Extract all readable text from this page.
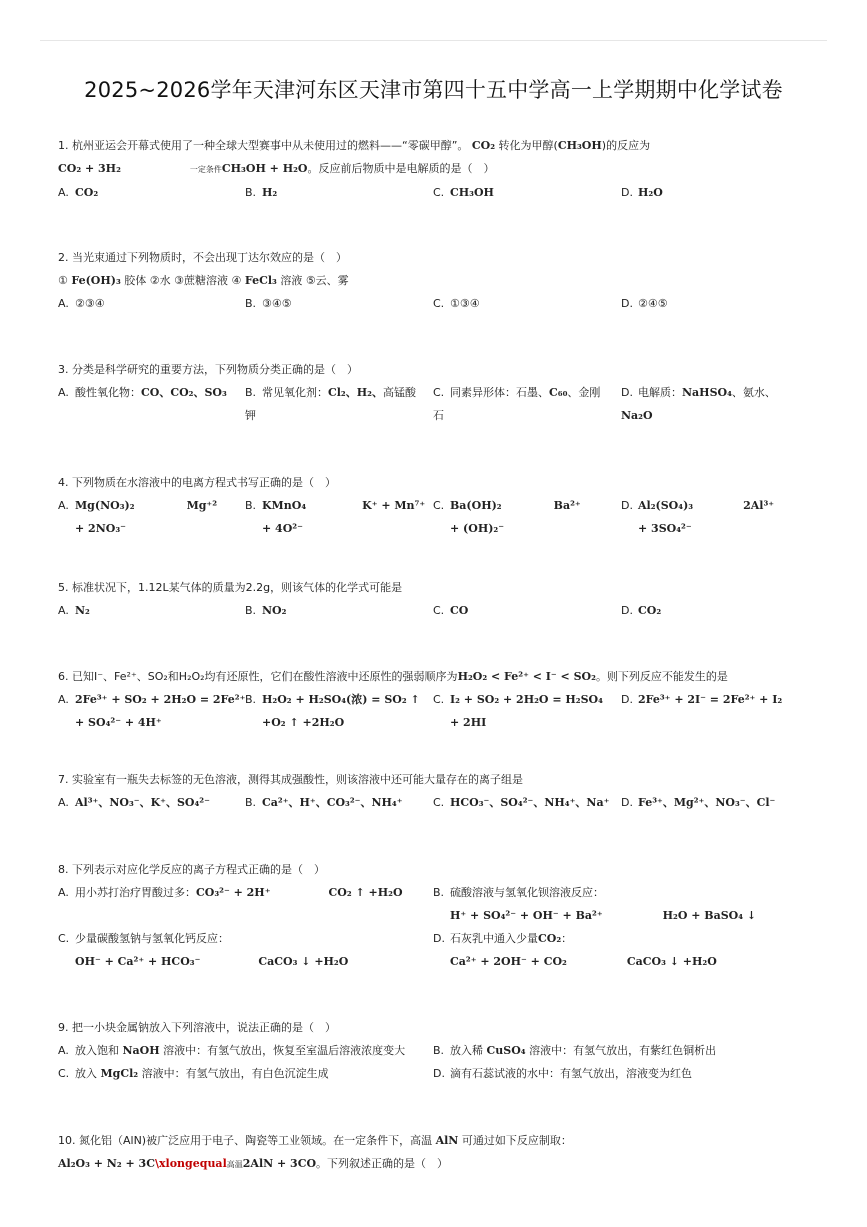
2025~2026学年天津河东区天津市第四十五中学高一上学期期中化学试卷
1. 杭州亚运会开幕式使用了一种全球大型赛事中从未使用过的燃料——“零碳甲醇”。 CO₂ 转化为甲醇(CH₃OH)的反应为
CO₂ + 3H₂	一定条件CH₃OH + H₂O。反应前后物质中是电解质的是（　）
A. CO₂	B. H₂	C. CH₃OH	D. H₂O
2. 当光束通过下列物质时，不会出现丁达尔效应的是（　）
① Fe(OH)₃ 胶体 ②水 ③蔗糖溶液 ④ FeCl₃ 溶液 ⑤云、雾
A. ②③④	B. ③④⑤	C. ①③④	D. ②④⑤
3. 分类是科学研究的重要方法，下列物质分类正确的是（　）
A. 酸性氧化物：CO、CO₂、SO₃	B. 常见氧化剂：Cl₂、H₂、高锰酸钾
C. 同素异形体：石墨、C₆₀、金刚石
D. 电解质：NaHSO₄、氨水、Na₂O
4. 下列物质在水溶液中的电离方程式书写正确的是（　）
A. Mg(NO₃)₂	Mg⁺²
+ 2NO₃⁻
B. KMnO₄	K⁺ + Mn⁷⁺
+ 4O²⁻
C. Ba(OH)₂	Ba²⁺
+ (OH)₂⁻
D. Al₂(SO₄)₃	2Al³⁺
+ 3SO₄²⁻
5. 标准状况下，1.12L某气体的质量为2.2g，则该气体的化学式可能是
A. N₂	B. NO₂	C. CO	D. CO₂
6. 已知I⁻、Fe²⁺、SO₂和H₂O₂均有还原性，它们在酸性溶液中还原性的强弱顺序为H₂O₂ < Fe²⁺ < I⁻ < SO₂。则下列反应不能发生的是
A. 2Fe³⁺ + SO₂ + 2H₂O = 2Fe²⁺
+ SO₄²⁻ + 4H⁺
B. H₂O₂ + H₂SO₄(浓) = SO₂ ↑
+O₂ ↑ +2H₂O
C. I₂ + SO₂ + 2H₂O = H₂SO₄
+ 2HI
D. 2Fe³⁺ + 2I⁻ = 2Fe²⁺ + I₂
7. 实验室有一瓶失去标签的无色溶液，测得其成强酸性，则该溶液中还可能大量存在的离子组是
A. Al³⁺、NO₃⁻、K⁺、SO₄²⁻	B. Ca²⁺、H⁺、CO₃²⁻、NH₄⁺	C. HCO₃⁻、SO₄²⁻、NH₄⁺、Na⁺ D. Fe³⁺、Mg²⁺、NO₃⁻、Cl⁻
8. 下列表示对应化学反应的离子方程式正确的是（　）
A. 用小苏打治疗胃酸过多：CO₃²⁻ + 2H⁺	CO₂ ↑ +H₂O	B. 硫酸溶液与氢氧化钡溶液反应：
H⁺ + SO₄²⁻ + OH⁻ + Ba²⁺	H₂O + BaSO₄ ↓
C. 少量碳酸氢钠与氢氧化钙反应：
OH⁻ + Ca²⁺ + HCO₃⁻	CaCO₃ ↓ +H₂O
D. 石灰乳中通入少量CO₂：
Ca²⁺ + 2OH⁻ + CO₂	CaCO₃ ↓ +H₂O
9. 把一小块金属钠放入下列溶液中，说法正确的是（　）
A. 放入饱和 NaOH 溶液中：有氢气放出，恢复至室温后溶液浓度变大	B. 放入稀 CuSO₄ 溶液中：有氢气放出，有紫红色铜析出
C. 放入 MgCl₂ 溶液中：有氢气放出，有白色沉淀生成	D. 滴有石蕊试液的水中：有氢气放出，溶液变为红色
10. 氮化铝（AlN)被广泛应用于电子、陶瓷等工业领域。在一定条件下，高温 AlN 可通过如下反应制取：
Al₂O₃ + N₂ + 3C\xlongequal高温2AlN + 3CO。下列叙述正确的是（　）
